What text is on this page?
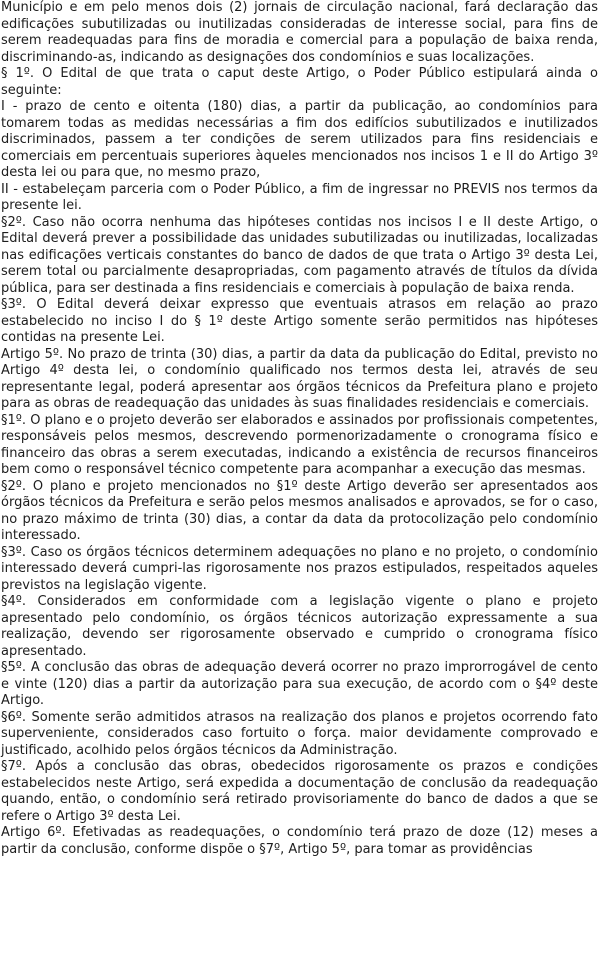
Município e em pelo menos dois (2) jornais de circulação nacional, fará declaração das edificações subutilizadas ou inutilizadas consideradas de interesse social, para fins de serem readequadas para fins de moradia e comercial para a população de baixa renda, discriminando-as, indicando as designações dos condomínios e suas localizações.

§ 1º. O Edital de que trata o caput deste Artigo, o Poder Público estipulará ainda o seguinte:

I - prazo de cento e oitenta (180) dias, a partir da publicação, ao condomínios para tomarem todas as medidas necessárias a fim dos edifícios subutilizados e inutilizados discriminados, passem a ter condições de serem utilizados para fins residenciais e comerciais em percentuais superiores àqueles mencionados nos incisos 1 e II do Artigo 3º desta lei ou para que, no mesmo prazo,

II - estabeleçam parceria com o Poder Público, a fim de ingressar no PREVIS nos termos da presente lei.

§2º. Caso não ocorra nenhuma das hipóteses contidas nos incisos I e II deste Artigo, o Edital deverá prever a possibilidade das unidades subutilizadas ou inutilizadas, localizadas nas edificações verticais constantes do banco de dados de que trata o Artigo 3º desta Lei, serem total ou parcialmente desapropriadas, com pagamento através de títulos da dívida pública, para ser destinada a fins residenciais e comerciais à população de baixa renda.

§3º. O Edital deverá deixar expresso que eventuais atrasos em relação ao prazo estabelecido no inciso I do § 1º deste Artigo somente serão permitidos nas hipóteses contidas na presente Lei.

Artigo 5º. No prazo de trinta (30) dias, a partir da data da publicação do Edital, previsto no Artigo 4º desta lei, o condomínio qualificado nos termos desta lei, através de seu representante legal, poderá apresentar aos órgãos técnicos da Prefeitura plano e projeto para as obras de readequação das unidades às suas finalidades residenciais e comerciais.

§1º. O plano e o projeto deverão ser elaborados e assinados por profissionais competentes, responsáveis pelos mesmos, descrevendo pormenorizadamente o cronograma físico e financeiro das obras a serem executadas, indicando a existência de recursos financeiros bem como o responsável técnico competente para acompanhar a execução das mesmas.

§2º. O plano e projeto mencionados no §1º deste Artigo deverão ser apresentados aos órgãos técnicos da Prefeitura e serão pelos mesmos analisados e aprovados, se for o caso, no prazo máximo de trinta (30) dias, a contar da data da protocolização pelo condomínio interessado.

§3º. Caso os órgãos técnicos determinem adequações no plano e no projeto, o condomínio interessado deverá cumpri-las rigorosamente nos prazos estipulados, respeitados aqueles previstos na legislação vigente.

§4º. Considerados em conformidade com a legislação vigente o plano e projeto apresentado pelo condomínio, os órgãos técnicos autorização expressamente a sua realização, devendo ser rigorosamente observado e cumprido o cronograma físico apresentado.

§5º. A conclusão das obras de adequação deverá ocorrer no prazo improrrogável de cento e vinte (120) dias a partir da autorização para sua execução, de acordo com o §4º deste Artigo.

§6º. Somente serão admitidos atrasos na realização dos planos e projetos ocorrendo fato superveniente, considerados caso fortuito o força. maior devidamente comprovado e justificado, acolhido pelos órgãos técnicos da Administração.

§7º. Após a conclusão das obras, obedecidos rigorosamente os prazos e condições estabelecidos neste Artigo, será expedida a documentação de conclusão da readequação quando, então, o condomínio será retirado provisoriamente do banco de dados a que se refere o Artigo 3º desta Lei.

Artigo 6º. Efetivadas as readequações, o condomínio terá prazo de doze (12) meses a partir da conclusão, conforme dispõe o §7º, Artigo 5º, para tomar as providências
